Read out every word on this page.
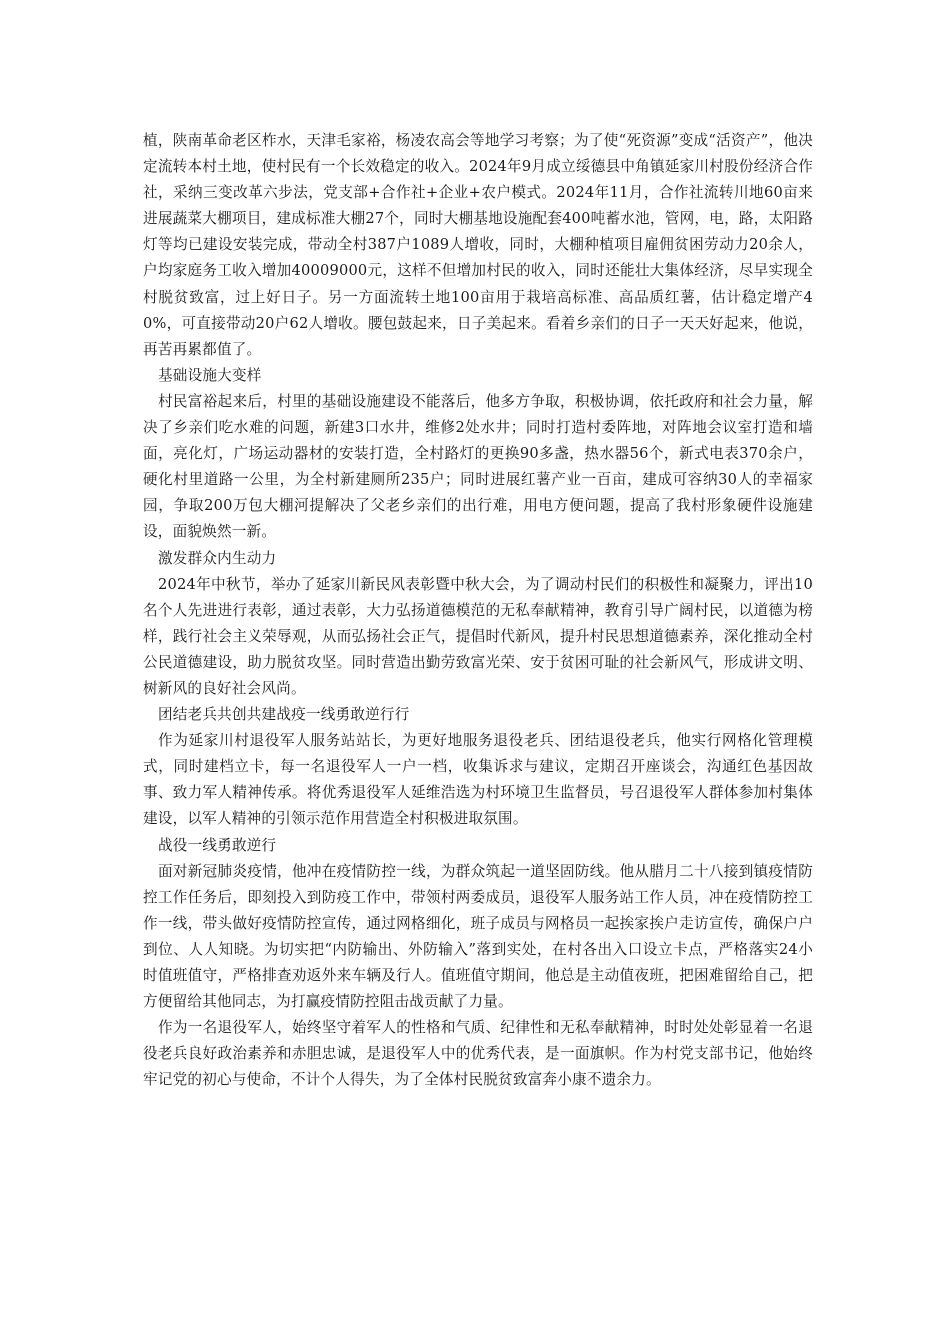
植，陕南革命老区柞水，天津毛家裕，杨凌农高会等地学习考察；为了使“死资源”变成“活资产”，他决定流转本村土地，使村民有一个长效稳定的收入。2024年9月成立绥德县中角镇延家川村股份经济合作社，采纳三变改革六步法，党支部+合作社+企业+农户模式。2024年11月，合作社流转川地60亩来进展蔬菜大棚项目，建成标准大棚27个，同时大棚基地设施配套400吨蓄水池，管网，电，路，太阳路灯等均已建设安装完成，带动全村387户1089人增收，同时，大棚种植项目雇佣贫困劳动力20余人，户均家庭务工收入增加40009000元，这样不但增加村民的收入，同时还能壮大集体经济，尽早实现全村脱贫致富，过上好日子。另一方面流转土地100亩用于栽培高标准、高品质红薯，估计稳定增产40%，可直接带动20户62人增收。腰包鼓起来，日子美起来。看着乡亲们的日子一天天好起来，他说，再苦再累都值了。

基础设施大变样

村民富裕起来后，村里的基础设施建设不能落后，他多方争取，积极协调，依托政府和社会力量，解决了乡亲们吃水难的问题，新建3口水井，维修2处水井；同时打造村委阵地，对阵地会议室打造和墙面，亮化灯，广场运动器材的安装打造，全村路灯的更换90多盏，热水器56个，新式电表370余户，硬化村里道路一公里，为全村新建厕所235户；同时进展红薯产业一百亩，建成可容纳30人的幸福家园，争取200万包大棚河提解决了父老乡亲们的出行难，用电方便问题，提高了我村形象硬件设施建设，面貌焕然一新。

激发群众内生动力

2024年中秋节，举办了延家川新民风表彰暨中秋大会，为了调动村民们的积极性和凝聚力，评出10名个人先进进行表彰，通过表彰，大力弘扬道德模范的无私奉献精神，教育引导广阔村民，以道德为榜样，践行社会主义荣辱观，从而弘扬社会正气，提倡时代新风，提升村民思想道德素养，深化推动全村公民道德建设，助力脱贫攻坚。同时营造出勤劳致富光荣、安于贫困可耻的社会新风气，形成讲文明、树新风的良好社会风尚。

团结老兵共创共建战疫一线勇敢逆行行

作为延家川村退役军人服务站站长，为更好地服务退役老兵、团结退役老兵，他实行网格化管理模式，同时建档立卡，每一名退役军人一户一档，收集诉求与建议，定期召开座谈会，沟通红色基因故事、致力军人精神传承。将优秀退役军人延维浩选为村环境卫生监督员，号召退役军人群体参加村集体建设，以军人精神的引领示范作用营造全村积极进取氛围。

战役一线勇敢逆行

面对新冠肺炎疫情，他冲在疫情防控一线，为群众筑起一道坚固防线。他从腊月二十八接到镇疫情防控工作任务后，即刻投入到防疫工作中，带领村两委成员，退役军人服务站工作人员，冲在疫情防控工作一线，带头做好疫情防控宣传，通过网格细化，班子成员与网格员一起挨家挨户走访宣传，确保户户到位、人人知晓。为切实把“内防输出、外防输入”落到实处，在村各出入口设立卡点，严格落实24小时值班值守，严格排查劝返外来车辆及行人。值班值守期间，他总是主动值夜班，把困难留给自己，把方便留给其他同志，为打赢疫情防控阻击战贡献了力量。

作为一名退役军人，始终坚守着军人的性格和气质、纪律性和无私奉献精神，时时处处彰显着一名退役老兵良好政治素养和赤胆忠诚，是退役军人中的优秀代表，是一面旗帜。作为村党支部书记，他始终牢记党的初心与使命，不计个人得失，为了全体村民脱贫致富奔小康不遗余力。
